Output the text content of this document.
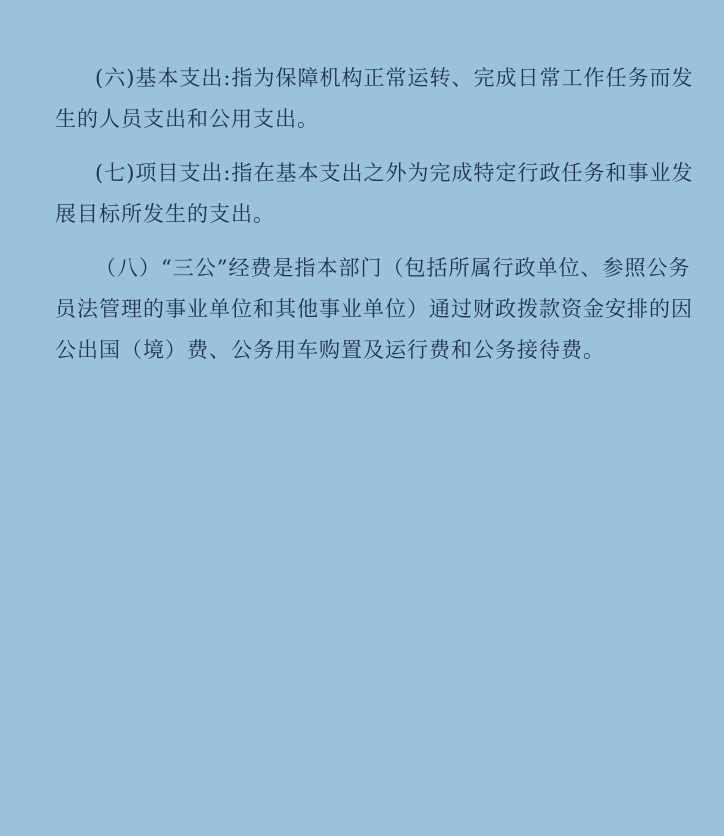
(六)基本支出:指为保障机构正常运转、完成日常工作任务而发
生的人员支出和公用支出。
(七)项目支出:指在基本支出之外为完成特定行政任务和事业发
展目标所发生的支出。
（八）“三公”经费是指本部门（包括所属行政单位、参照公务
员法管理的事业单位和其他事业单位）通过财政拨款资金安排的因
公出国（境）费、公务用车购置及运行费和公务接待费。
